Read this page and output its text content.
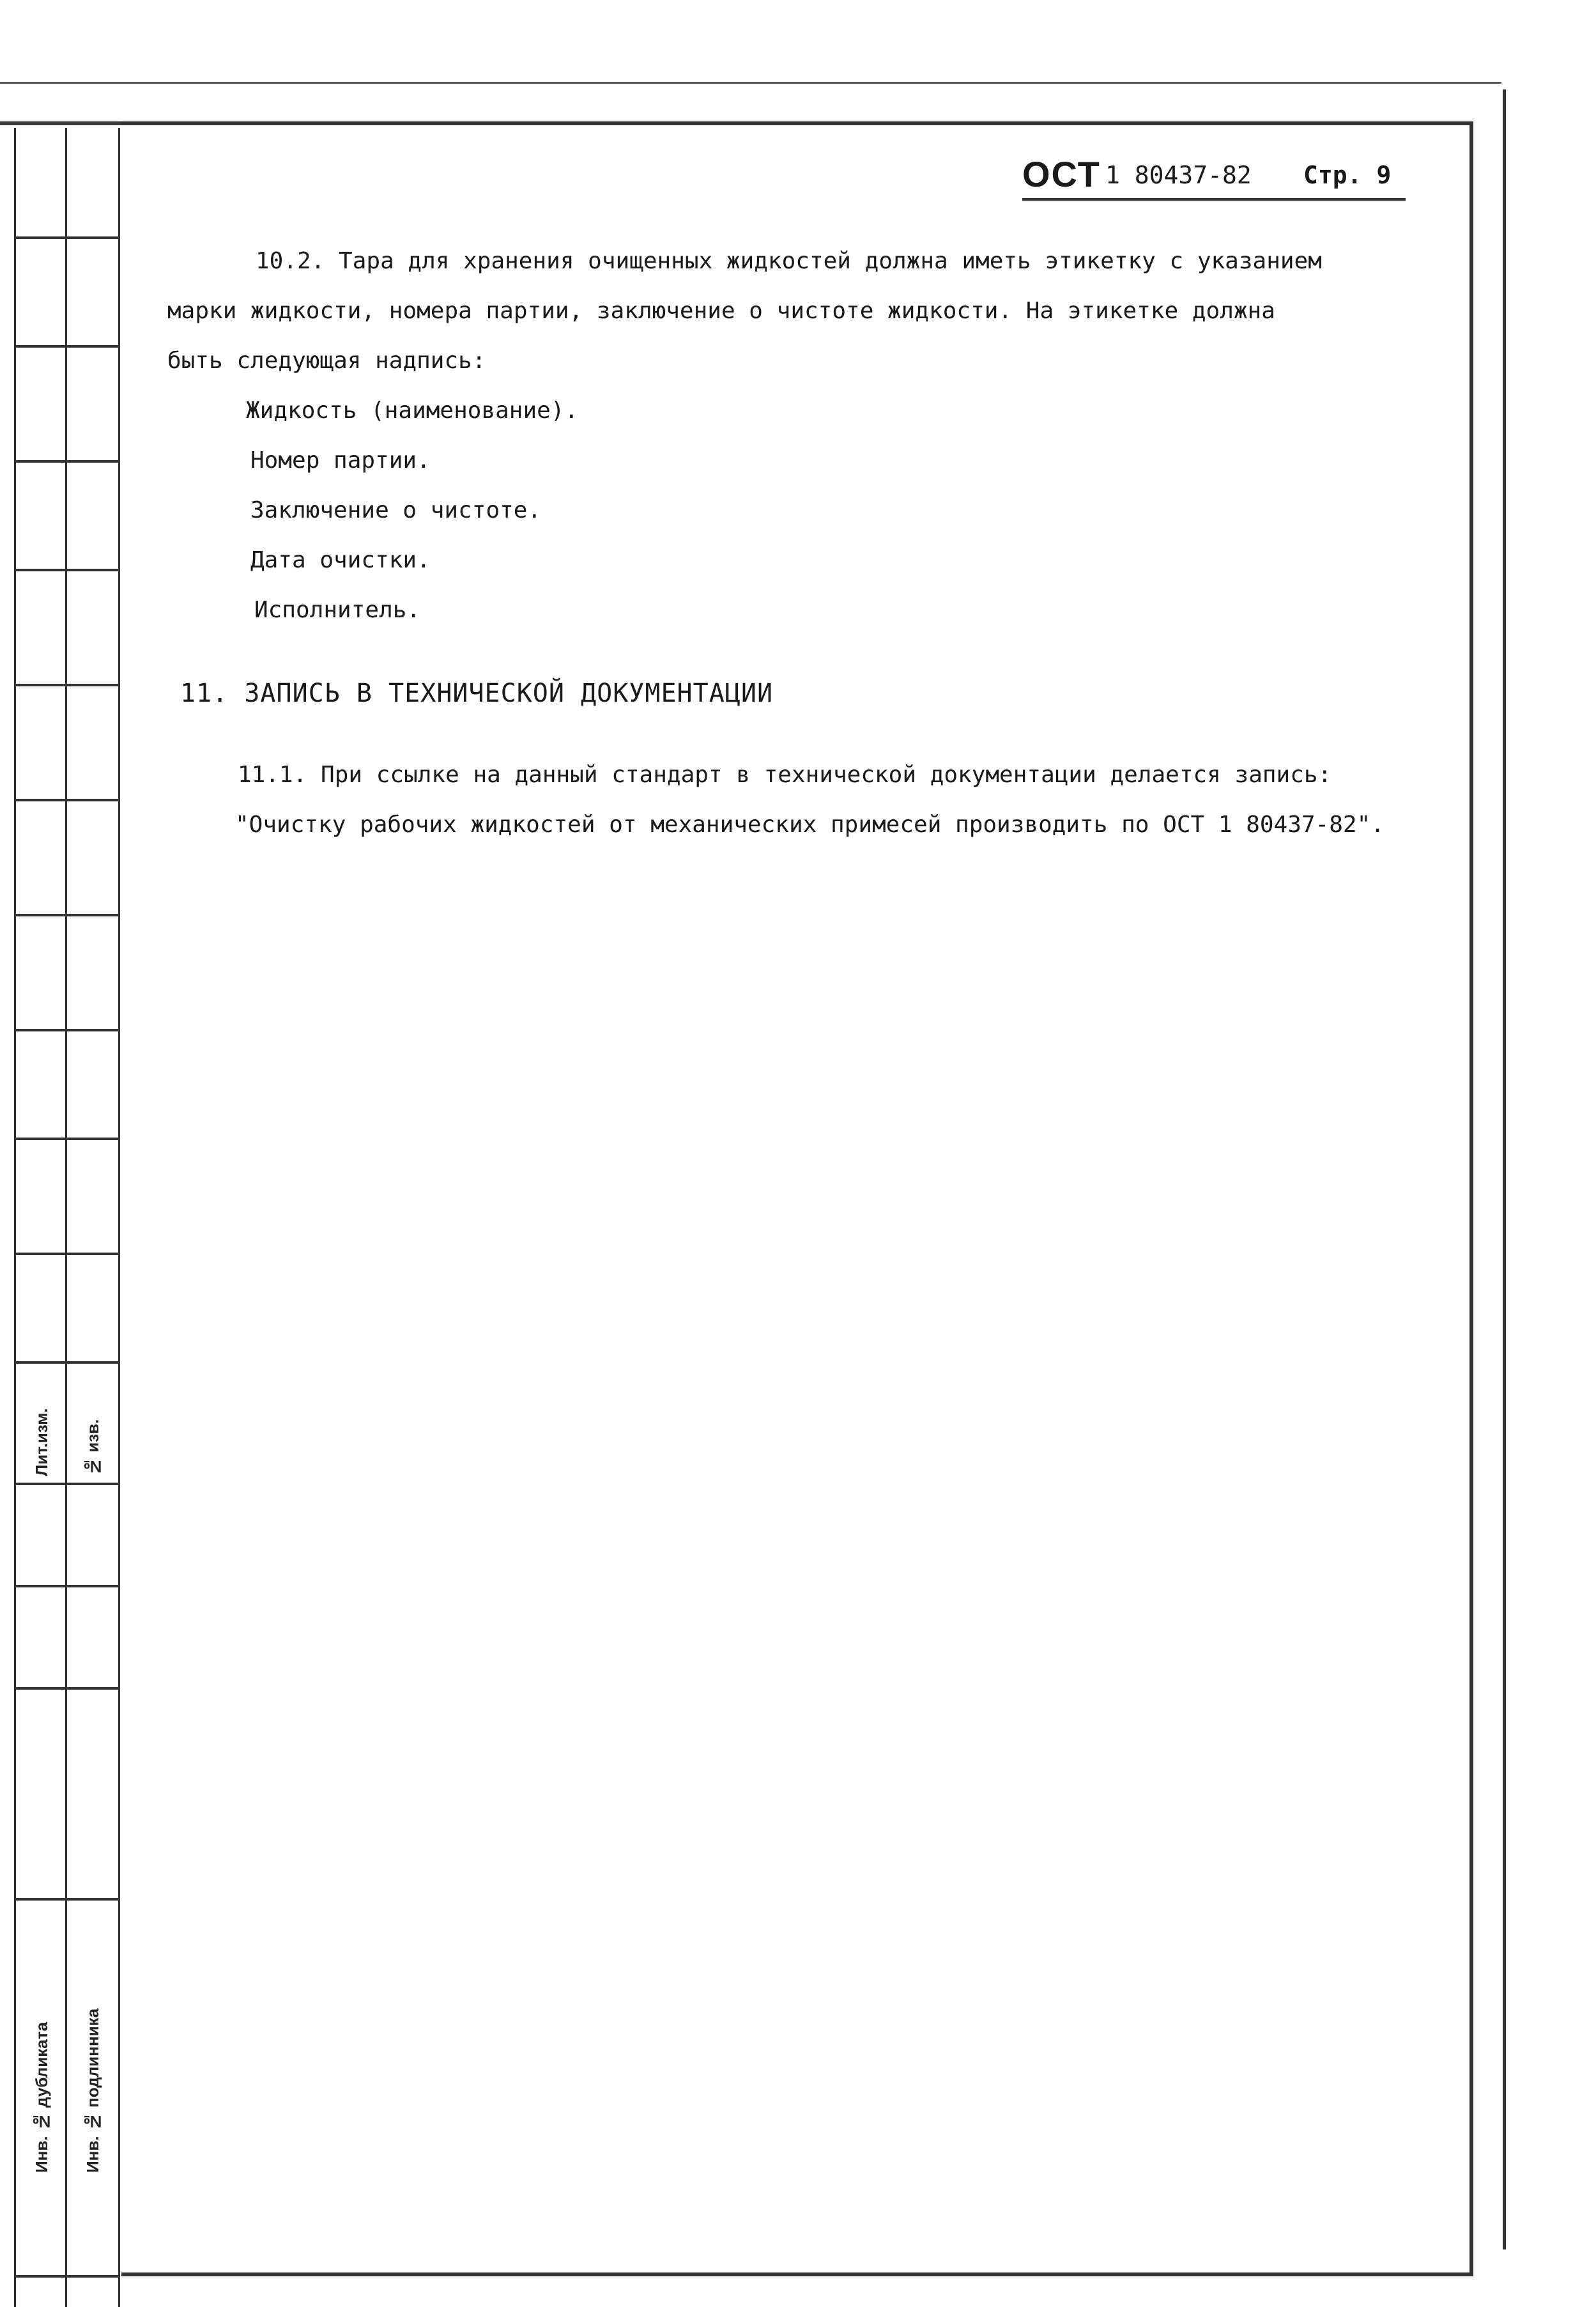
Лит.изм. № изв.
Инв. № дубликата Инв. № подлинника
ОСТ 1 80437-82 Стр. 9
10.2. Тара для хранения очищенных жидкостей должна иметь этикетку с указанием
марки жидкости, номера партии, заключение о чистоте жидкости. На этикетке должна
быть следующая надпись:
Жидкость (наименование).
Номер партии.
Заключение о чистоте.
Дата очистки.
Исполнитель.
11. ЗАПИСЬ В ТЕХНИЧЕСКОЙ ДОКУМЕНТАЦИИ
11.1. При ссылке на данный стандарт в технической документации делается запись:
"Очистку рабочих жидкостей от механических примесей производить по ОСТ 1 80437-82".
